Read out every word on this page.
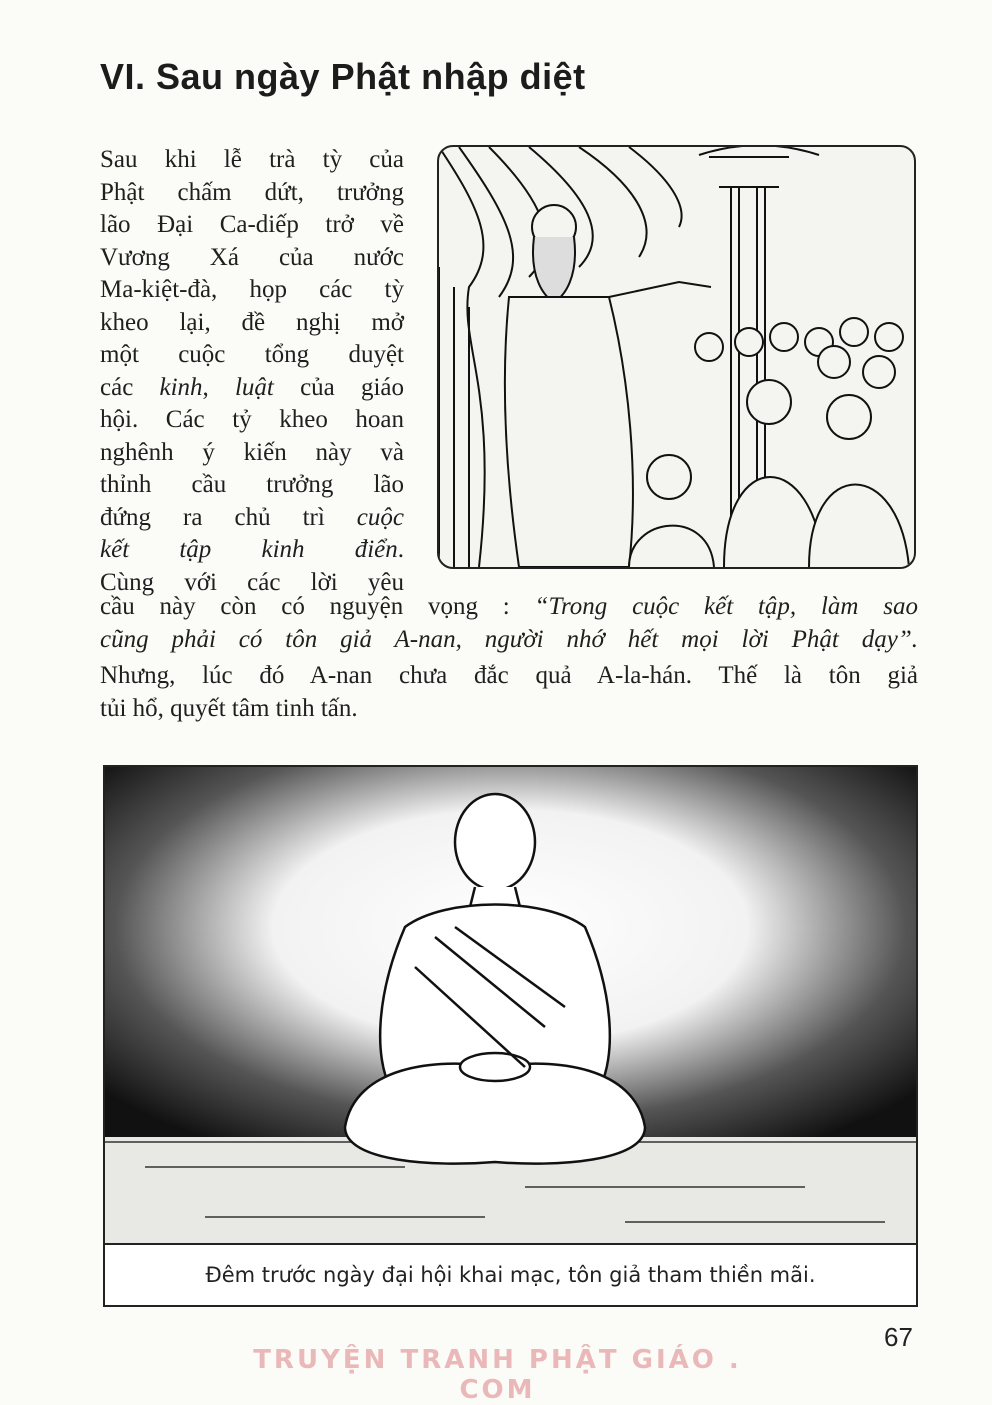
VI. Sau ngày Phật nhập diệt
Sau khi lễ trà tỳ của
Phật chấm dứt, trưởng
lão Đại Ca-diếp trở về
Vương Xá của nước
Ma-kiệt-đà, họp các tỳ
kheo lại, đề nghị mở
một cuộc tổng duyệt
các kinh, luật của giáo
hội. Các tỷ kheo hoan
nghênh ý kiến này và
thỉnh cầu trưởng lão
đứng ra chủ trì cuộc
kết tập kinh điển.
Cùng với các lời yêu
cầu này còn có nguyện vọng : “Trong cuộc kết tập, làm sao
cũng phải có tôn giả A-nan, người nhớ hết mọi lời Phật dạy”.
Nhưng, lúc đó A-nan chưa đắc quả A-la-hán. Thế là tôn giả
tủi hổ, quyết tâm tinh tấn.
Đêm trước ngày đại hội khai mạc, tôn giả tham thiền mãi.
67
TRUYỆN TRANH PHẬT GIÁO . COM
